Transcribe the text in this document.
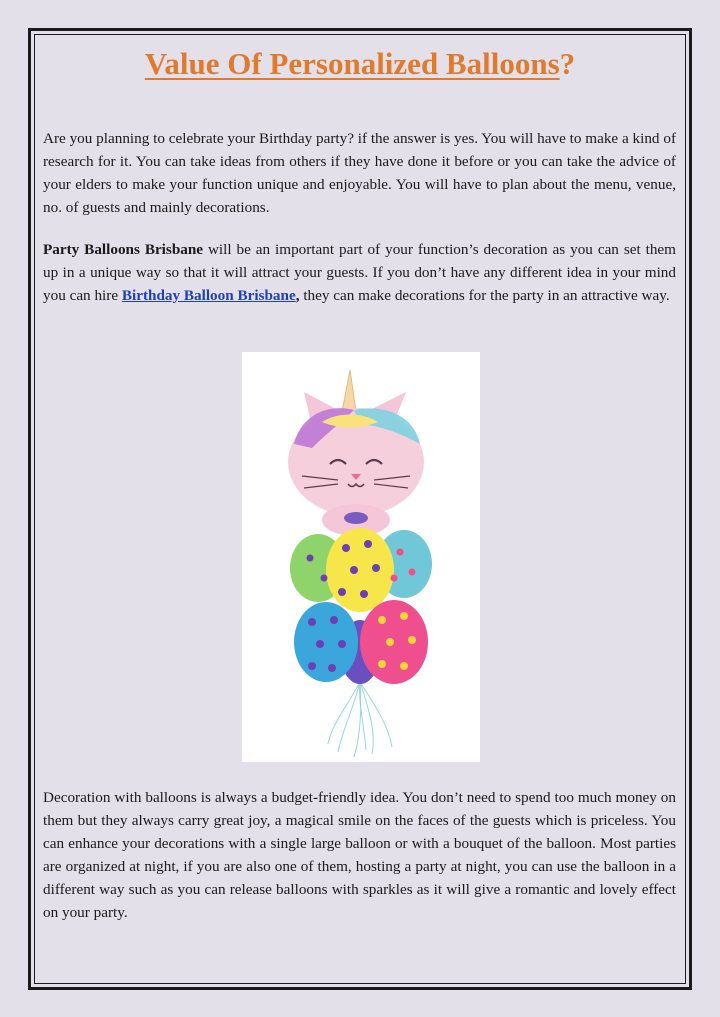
Value Of Personalized Balloons?

Are you planning to celebrate your Birthday party? if the answer is yes. You will have to make a kind of research for it. You can take ideas from others if they have done it before or you can take the advice of your elders to make your function unique and enjoyable. You will have to plan about the menu, venue, no. of guests and mainly decorations.

Party Balloons Brisbane will be an important part of your function’s decoration as you can set them up in a unique way so that it will attract your guests. If you don’t have any different idea in your mind you can hire Birthday Balloon Brisbane, they can make decorations for the party in an attractive way.

Decoration with balloons is always a budget-friendly idea. You don’t need to spend too much money on them but they always carry great joy, a magical smile on the faces of the guests which is priceless. You can enhance your decorations with a single large balloon or with a bouquet of the balloon. Most parties are organized at night, if you are also one of them, hosting a party at night, you can use the balloon in a different way such as you can release balloons with sparkles as it will give a romantic and lovely effect on your party.
